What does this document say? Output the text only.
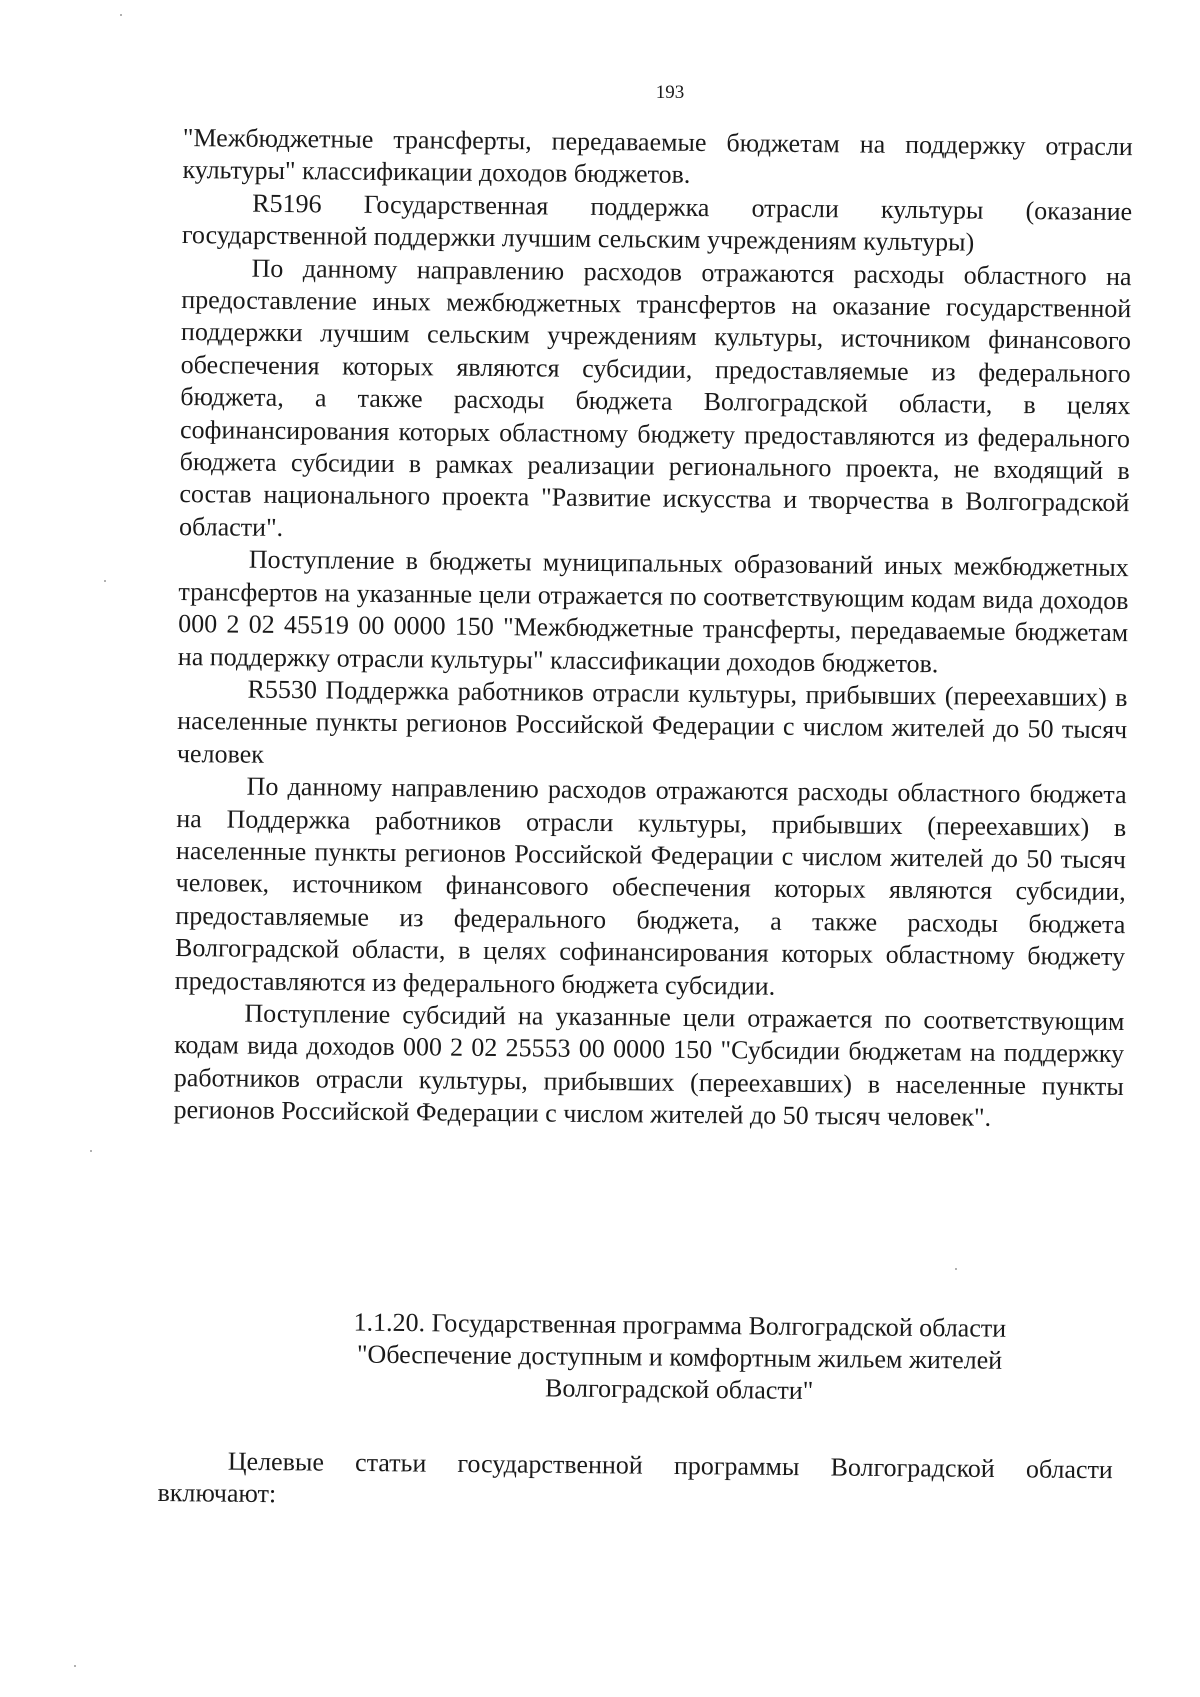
193

"Межбюджетные трансферты, передаваемые бюджетам на поддержку отрасли культуры" классификации доходов бюджетов.

R5196 Государственная поддержка отрасли культуры (оказание государственной поддержки лучшим сельским учреждениям культуры)

По данному направлению расходов отражаются расходы областного на предоставление иных межбюджетных трансфертов на оказание государственной поддержки лучшим сельским учреждениям культуры, источником финансового обеспечения которых являются субсидии, предоставляемые из федерального бюджета, а также расходы бюджета Волгоградской области, в целях софинансирования которых областному бюджету предоставляются из федерального бюджета субсидии в рамках реализации регионального проекта, не входящий в состав национального проекта "Развитие искусства и творчества в Волгоградской области".

Поступление в бюджеты муниципальных образований иных межбюджетных трансфертов на указанные цели отражается по соответствующим кодам вида доходов 000 2 02 45519 00 0000 150 "Межбюджетные трансферты, передаваемые бюджетам на поддержку отрасли культуры" классификации доходов бюджетов.

R5530 Поддержка работников отрасли культуры, прибывших (переехавших) в населенные пункты регионов Российской Федерации с числом жителей до 50 тысяч человек

По данному направлению расходов отражаются расходы областного бюджета на Поддержка работников отрасли культуры, прибывших (переехавших) в населенные пункты регионов Российской Федерации с числом жителей до 50 тысяч человек, источником финансового обеспечения которых являются субсидии, предоставляемые из федерального бюджета, а также расходы бюджета Волгоградской области, в целях софинансирования которых областному бюджету предоставляются из федерального бюджета субсидии.

Поступление субсидий на указанные цели отражается по соответствующим кодам вида доходов 000 2 02 25553 00 0000 150 "Субсидии бюджетам на поддержку работников отрасли культуры, прибывших (переехавших) в населенные пункты регионов Российской Федерации с числом жителей до 50 тысяч человек".

1.1.20. Государственная программа Волгоградской области
"Обеспечение доступным и комфортным жильем жителей
Волгоградской области"

Целевые статьи государственной программы Волгоградской области включают:
